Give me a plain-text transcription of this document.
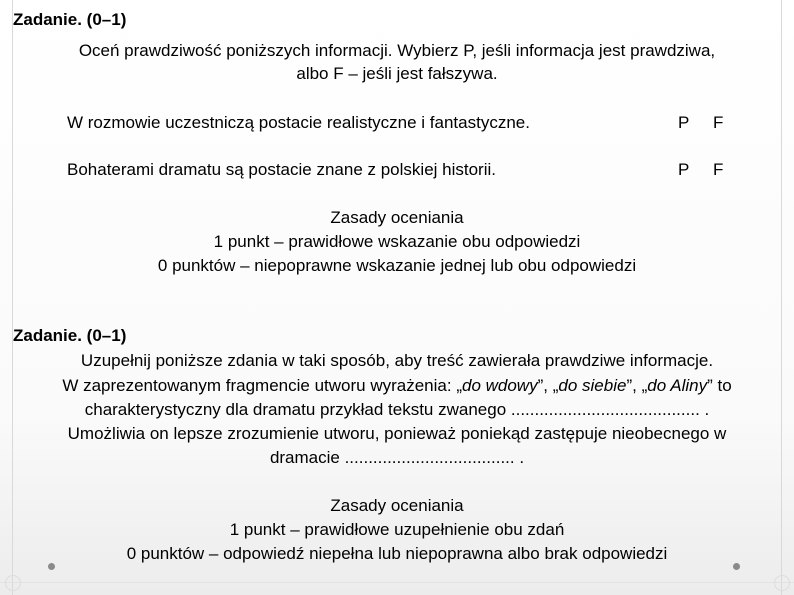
Zadanie. (0–1)
Oceń prawdziwość poniższych informacji. Wybierz P, jeśli informacja jest prawdziwa,
albo F – jeśli jest fałszywa.
W rozmowie uczestniczą postacie realistyczne i fantastyczne.	P F
Bohaterami dramatu są postacie znane z polskiej historii.	P F
Zasady oceniania
1 punkt – prawidłowe wskazanie obu odpowiedzi
0 punktów – niepoprawne wskazanie jednej lub obu odpowiedzi
Zadanie. (0–1)
Uzupełnij poniższe zdania w taki sposób, aby treść zawierała prawdziwe informacje.
W zaprezentowanym fragmencie utworu wyrażenia: „do wdowy”, „do siebie”, „do Aliny” to
charakterystyczny dla dramatu przykład tekstu zwanego ........................................ .
Umożliwia on lepsze zrozumienie utworu, ponieważ poniekąd zastępuje nieobecnego w
dramacie .................................... .
Zasady oceniania
1 punkt – prawidłowe uzupełnienie obu zdań
0 punktów – odpowiedź niepełna lub niepoprawna albo brak odpowiedzi
